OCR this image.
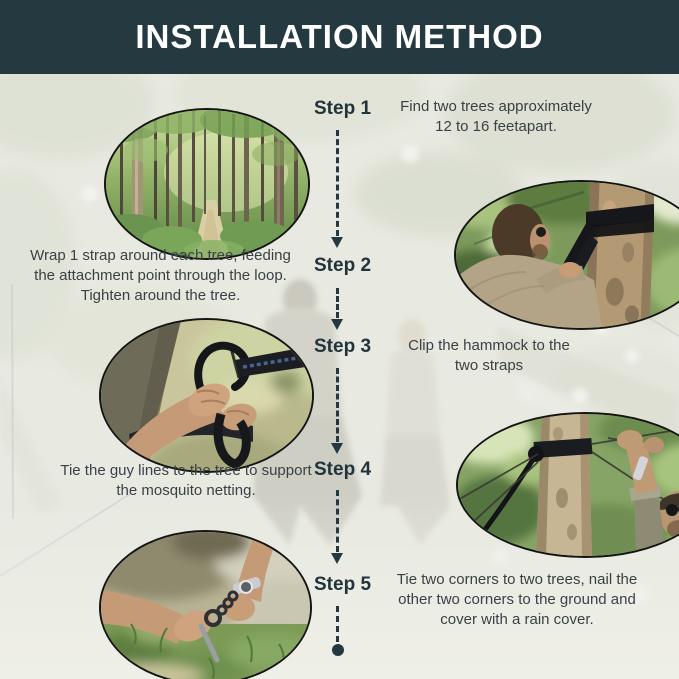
INSTALLATION METHOD
Step 1
Step 2
Step 3
Step 4
Step 5
Find two trees approximately 12 to 16 feetapart.
Wrap 1 strap around each tree, feeding the attachment point through the loop. Tighten around the tree.
Clip the hammock to the two straps
Tie the guy lines to the tree to support the mosquito netting.
Tie two corners to two trees, nail the other two corners to the ground and cover with a rain cover.
